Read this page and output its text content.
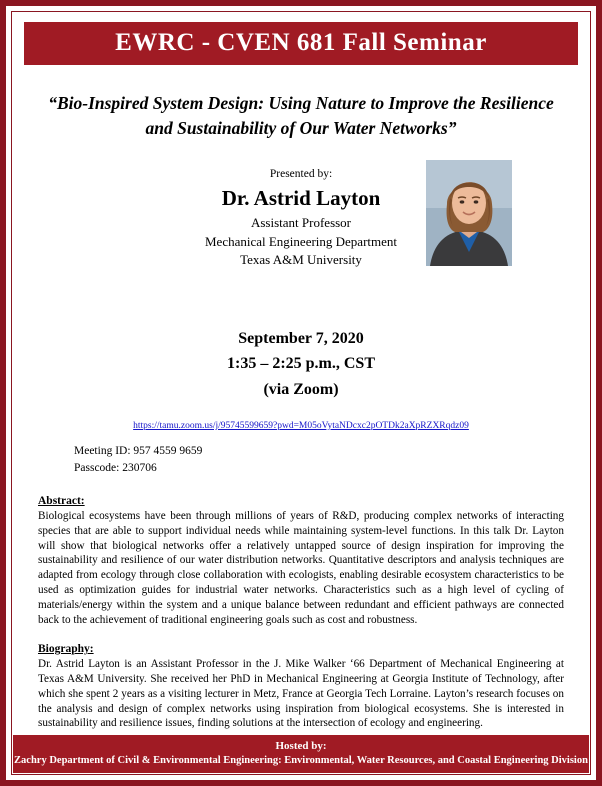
EWRC - CVEN 681 Fall Seminar
“Bio-Inspired System Design: Using Nature to Improve the Resilience and Sustainability of Our Water Networks”
Presented by:
Dr. Astrid Layton
Assistant Professor
Mechanical Engineering Department
Texas A&M University
September 7, 2020
1:35 – 2:25 p.m., CST
(via Zoom)
https://tamu.zoom.us/j/95745599659?pwd=M05oVytaNDcxc2pOTDk2aXpRZXRqdz09
Meeting ID: 957 4559 9659
Passcode: 230706
Abstract:
Biological ecosystems have been through millions of years of R&D, producing complex networks of interacting species that are able to support individual needs while maintaining system-level functions. In this talk Dr. Layton will show that biological networks offer a relatively untapped source of design inspiration for improving the sustainability and resilience of our water distribution networks. Quantitative descriptors and analysis techniques are adapted from ecology through close collaboration with ecologists, enabling desirable ecosystem characteristics to be used as optimization guides for industrial water networks. Characteristics such as a high level of cycling of materials/energy within the system and a unique balance between redundant and efficient pathways are connected back to the achievement of traditional engineering goals such as cost and robustness.
Biography:
Dr. Astrid Layton is an Assistant Professor in the J. Mike Walker ‘66 Department of Mechanical Engineering at Texas A&M University. She received her PhD in Mechanical Engineering at Georgia Institute of Technology, after which she spent 2 years as a visiting lecturer in Metz, France at Georgia Tech Lorraine. Layton’s research focuses on the analysis and design of complex networks using inspiration from biological ecosystems. She is interested in sustainability and resilience issues, finding solutions at the intersection of ecology and engineering.
Hosted by:
Zachry Department of Civil & Environmental Engineering: Environmental, Water Resources, and Coastal Engineering Division
